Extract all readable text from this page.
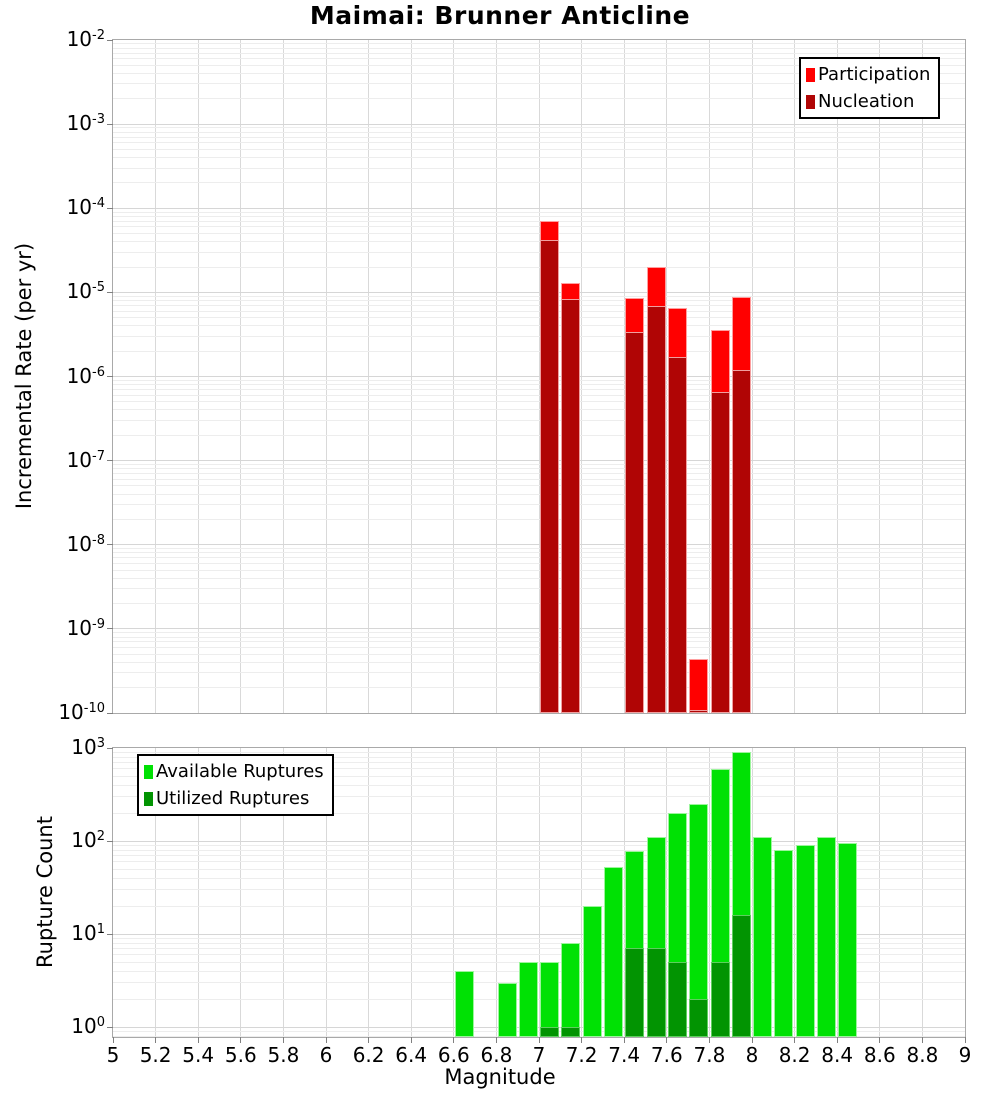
Maimai: Brunner Anticline
Incremental Rate (per yr)
Rupture Count
Magnitude
Participation
Nucleation
Available Ruptures
Utilized Ruptures
$10^{-2}$
$10^{-3}$
$10^{-4}$
$10^{-5}$
$10^{-6}$
$10^{-7}$
$10^{-8}$
$10^{-9}$
$10^{-10}$
$10^3$
$10^2$
$10^1$
$10^0$
5	5.2 5.4 5.6 5.8	6	6.2 6.4 6.6 6.8	7	7.2 7.4 7.6 7.8	8	8.2 8.4 8.6 8.8	9
